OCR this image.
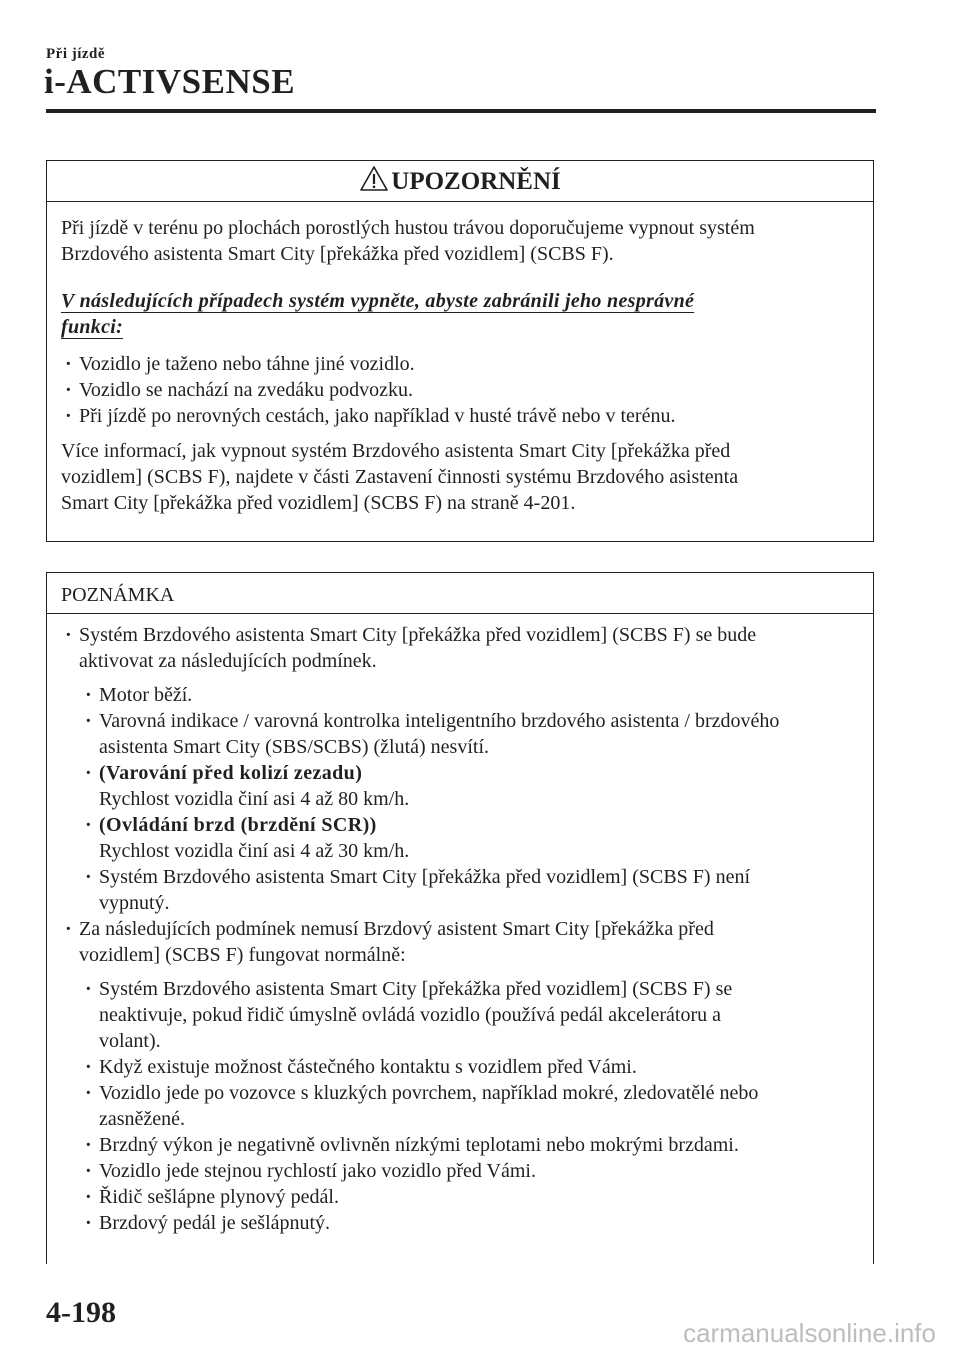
Při jízdě
i-ACTIVSENSE
UPOZORNĚNÍ

Při jízdě v terénu po plochách porostlých hustou trávou doporučujeme vypnout systém
Brzdového asistenta Smart City [překážka před vozidlem] (SCBS F).

V následujících případech systém vypněte, abyste zabránili jeho nesprávné
funkci:

· Vozidlo je taženo nebo táhne jiné vozidlo.
· Vozidlo se nachází na zvedáku podvozku.
· Při jízdě po nerovných cestách, jako například v husté trávě nebo v terénu.

Více informací, jak vypnout systém Brzdového asistenta Smart City [překážka před
vozidlem] (SCBS F), najdete v části Zastavení činnosti systému Brzdového asistenta
Smart City [překážka před vozidlem] (SCBS F) na straně 4-201.

POZNÁMKA
· Systém Brzdového asistenta Smart City [překážka před vozidlem] (SCBS F) se bude
aktivovat za následujících podmínek.
· Motor běží.
· Varovná indikace / varovná kontrolka inteligentního brzdového asistenta / brzdového
asistenta Smart City (SBS/SCBS) (žlutá) nesvítí.
· (Varování před kolizí zezadu)
Rychlost vozidla činí asi 4 až 80 km/h.
· (Ovládání brzd (brzdění SCR))
Rychlost vozidla činí asi 4 až 30 km/h.
· Systém Brzdového asistenta Smart City [překážka před vozidlem] (SCBS F) není
vypnutý.
· Za následujících podmínek nemusí Brzdový asistent Smart City [překážka před
vozidlem] (SCBS F) fungovat normálně:
· Systém Brzdového asistenta Smart City [překážka před vozidlem] (SCBS F) se
neaktivuje, pokud řidič úmyslně ovládá vozidlo (používá pedál akcelerátoru a
volant).
· Když existuje možnost částečného kontaktu s vozidlem před Vámi.
· Vozidlo jede po vozovce s kluzkých povrchem, například mokré, zledovatělé nebo
zasněžené.
· Brzdný výkon je negativně ovlivněn nízkými teplotami nebo mokrými brzdami.
· Vozidlo jede stejnou rychlostí jako vozidlo před Vámi.
· Řidič sešlápne plynový pedál.
· Brzdový pedál je sešlápnutý.
4-198
carmanualsonline.info
